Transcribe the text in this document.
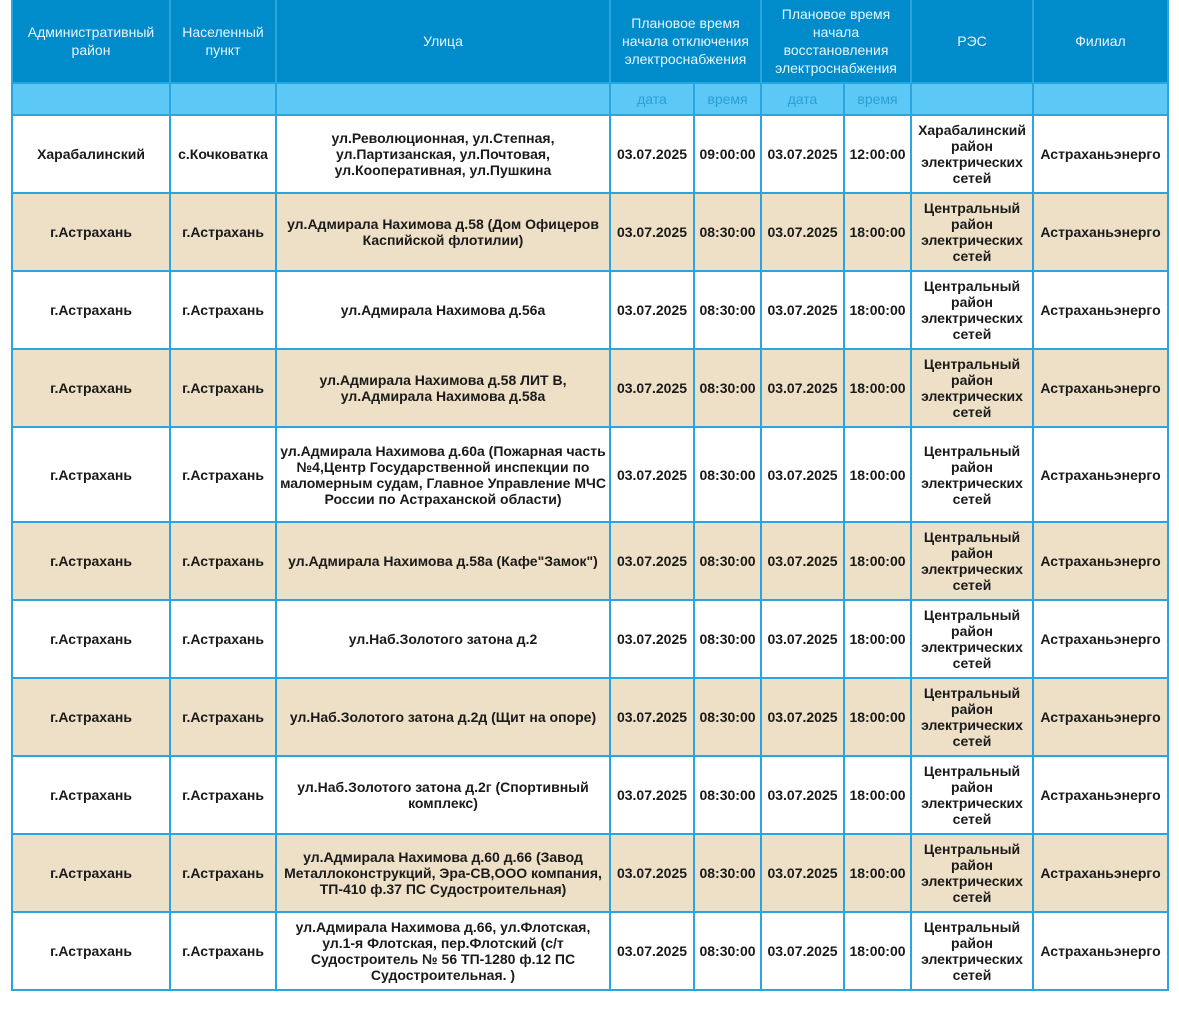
Административный район	Населенный пункт	Улица	Плановое время начала отключения электроснабжения		Плановое время начала восстановления электроснабжения		РЭС	Филиал
			дата	время	дата	время		
Харабалинский	с.Кочковатка	ул.Революционная, ул.Степная, ул.Партизанская, ул.Почтовая, ул.Кооперативная, ул.Пушкина	03.07.2025	09:00:00	03.07.2025	12:00:00	Харабалинский район электрических сетей	Астраханьэнерго
г.Астрахань	г.Астрахань	ул.Адмирала Нахимова д.58 (Дом Офицеров Каспийской флотилии)	03.07.2025	08:30:00	03.07.2025	18:00:00	Центральный район электрических сетей	Астраханьэнерго
г.Астрахань	г.Астрахань	ул.Адмирала Нахимова д.56а	03.07.2025	08:30:00	03.07.2025	18:00:00	Центральный район электрических сетей	Астраханьэнерго
г.Астрахань	г.Астрахань	ул.Адмирала Нахимова д.58 ЛИТ В, ул.Адмирала Нахимова д.58а	03.07.2025	08:30:00	03.07.2025	18:00:00	Центральный район электрических сетей	Астраханьэнерго
г.Астрахань	г.Астрахань	ул.Адмирала Нахимова д.60а (Пожарная часть №4,Центр Государственной инспекции по маломерным судам, Главное Управление МЧС России по Астраханской области)	03.07.2025	08:30:00	03.07.2025	18:00:00	Центральный район электрических сетей	Астраханьэнерго
г.Астрахань	г.Астрахань	ул.Адмирала Нахимова д.58а (Кафе"Замок")	03.07.2025	08:30:00	03.07.2025	18:00:00	Центральный район электрических сетей	Астраханьэнерго
г.Астрахань	г.Астрахань	ул.Наб.Золотого затона д.2	03.07.2025	08:30:00	03.07.2025	18:00:00	Центральный район электрических сетей	Астраханьэнерго
г.Астрахань	г.Астрахань	ул.Наб.Золотого затона д.2д (Щит на опоре)	03.07.2025	08:30:00	03.07.2025	18:00:00	Центральный район электрических сетей	Астраханьэнерго
г.Астрахань	г.Астрахань	ул.Наб.Золотого затона д.2г (Спортивный комплекс)	03.07.2025	08:30:00	03.07.2025	18:00:00	Центральный район электрических сетей	Астраханьэнерго
г.Астрахань	г.Астрахань	ул.Адмирала Нахимова д.60 д.66 (Завод Металлоконструкций, Эра-СВ,ООО компания, ТП-410 ф.37 ПС Судостроительная)	03.07.2025	08:30:00	03.07.2025	18:00:00	Центральный район электрических сетей	Астраханьэнерго
г.Астрахань	г.Астрахань	ул.Адмирала Нахимова д.66, ул.Флотская, ул.1-я Флотская, пер.Флотский (с/т Судостроитель № 56 ТП-1280 ф.12 ПС Судостроительная. )	03.07.2025	08:30:00	03.07.2025	18:00:00	Центральный район электрических сетей	Астраханьэнерго
